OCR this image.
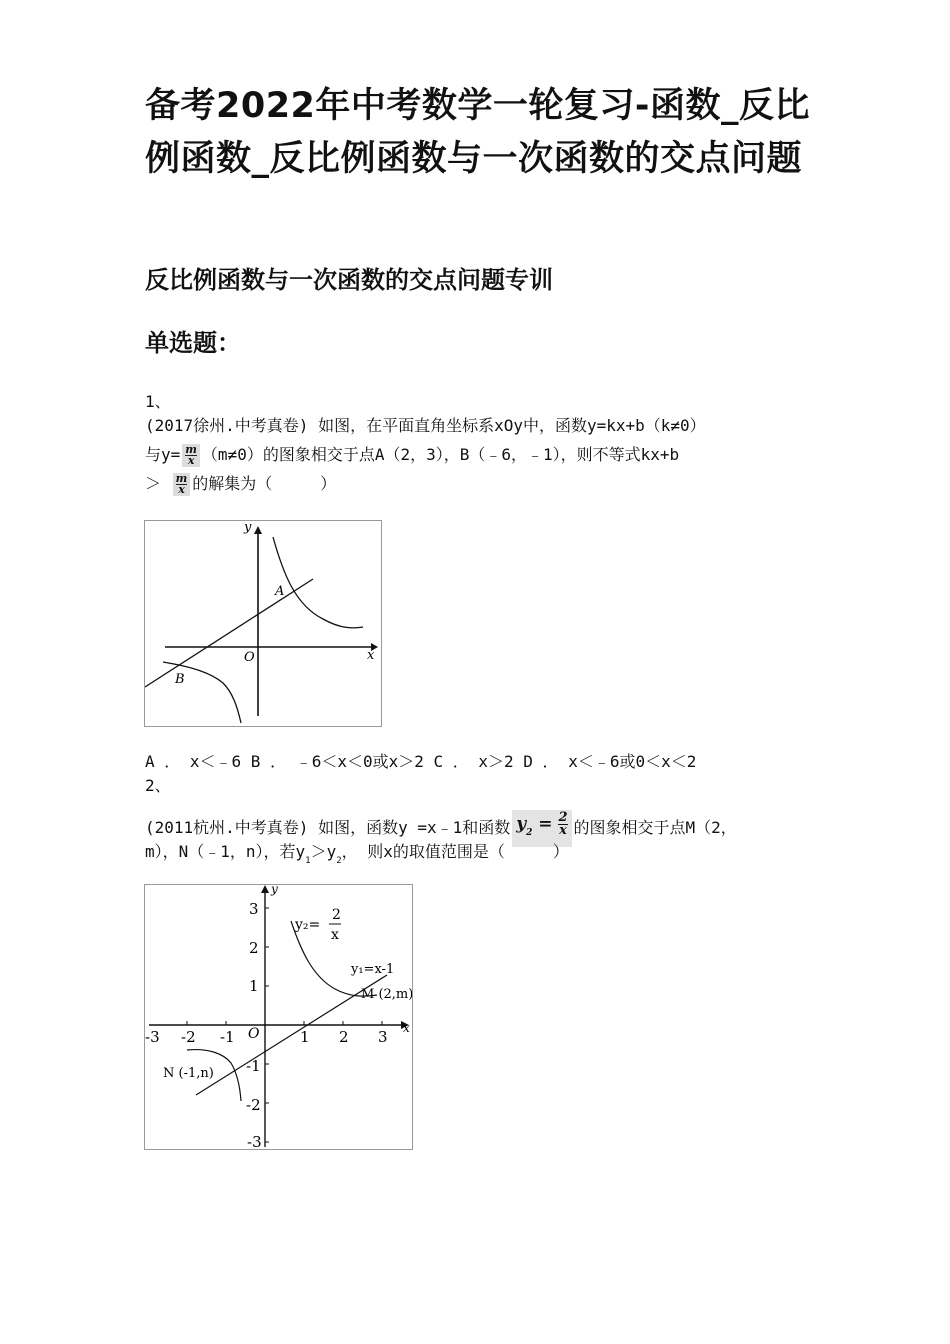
备考2022年中考数学一轮复习-函数_反比例函数_反比例函数与一次函数的交点问题
反比例函数与一次函数的交点问题专训
单选题：
1、
(2017徐州.中考真卷) 如图，在平面直角坐标系xOy中，函数y=kx+b（k≠0）
与$y= \frac{m}{x} (m\ne 0)$的图象相交于点A（2，3），B（﹣6，﹣1），则不等式kx+b
＞ $\frac{m}{x}$ 的解集为（　　　）
y
x
O
A
B
A ． x＜﹣6 B ． ﹣6＜x＜0或x＞2 C ． x＞2 D ． x＜﹣6或0＜x＜2
2、
(2011杭州.中考真卷) 如图，函数y =x﹣1和函数 $y_2 = \frac{2}{x}$ 的图象相交于点M（2，
m），N（﹣1，n），若$y_1>y_2$， 则x的取值范围是（　　　）
3
2
1
-1
-2
-3
-3 -2 -1	1 2 3
O
y
x
y₂=
2
x
y₁=x-1
M (2,m)
N (-1,n)
